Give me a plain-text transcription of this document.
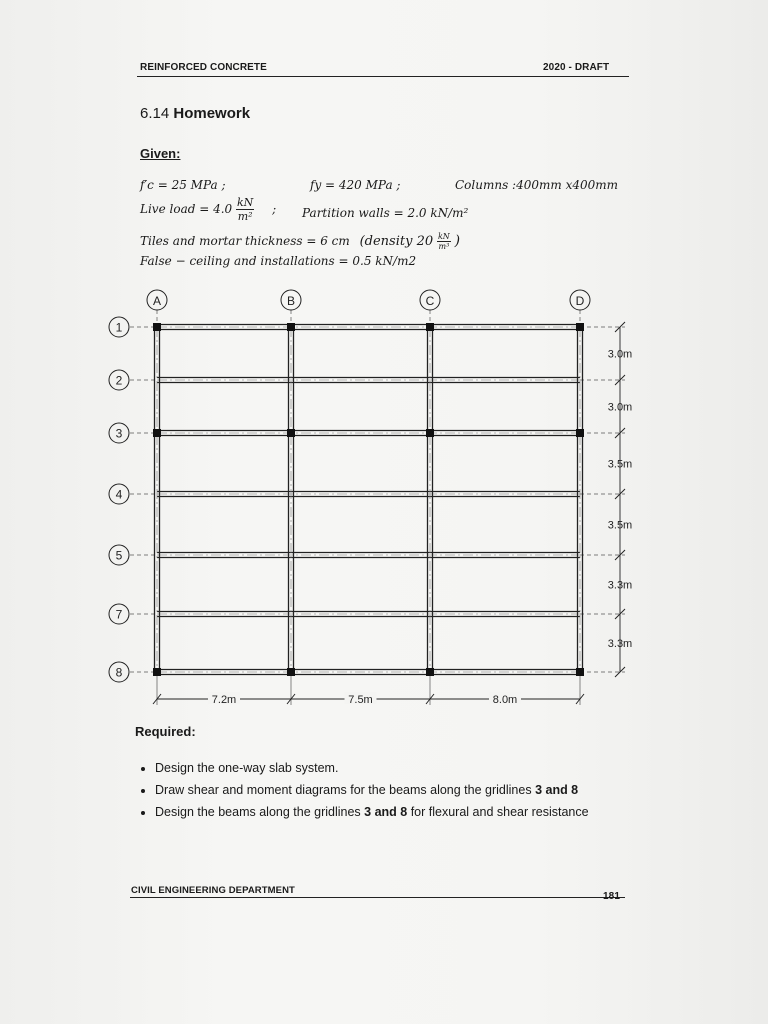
REINFORCED CONCRETE	2020 - DRAFT
6.14 Homework
Given:
f′c = 25 MPa ;	fy = 420 MPa ;	Columns :400mm x400mm
Live load = $4.0 \frac{kN}{\text{m²}}$ ; Partition walls = 2.0 kN/m²
Tiles and mortar thickness = 6 cm (density $20 \frac{kN}{\text{m³}}$ )
False − ceiling and installations = 0.5 kN/m2
A	B	C	D
1
2
3
4
5
7
8
3.0m
3.0m
3.5m
3.5m
3.3m
3.3m
7.2m	7.5m	8.0m
Required:
• Design the one-way slab system.
• Draw shear and moment diagrams for the beams along the gridlines 3 and 8
• Design the beams along the gridlines 3 and 8 for flexural and shear resistance
CIVIL ENGINEERING DEPARTMENT
181
